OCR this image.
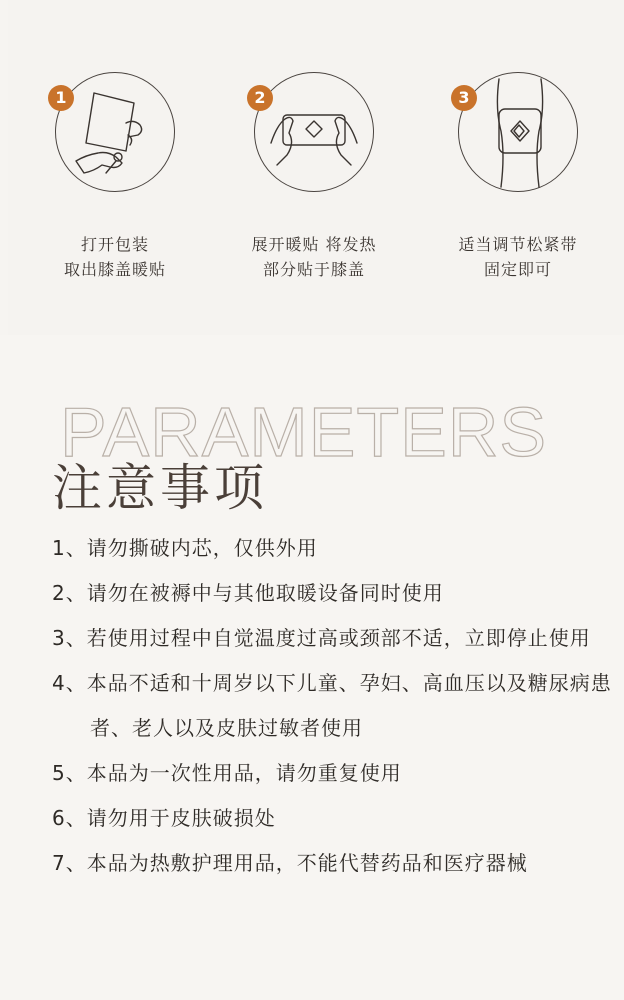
1
打开包装
取出膝盖暖贴
2
展开暖贴 将发热
部分贴于膝盖
3
适当调节松紧带
固定即可
PARAMETERS
注意事项
1、请勿撕破内芯，仅供外用
2、请勿在被褥中与其他取暖设备同时使用
3、若使用过程中自觉温度过高或颈部不适，立即停止使用
4、本品不适和十周岁以下儿童、孕妇、高血压以及糖尿病患者、老人以及皮肤过敏者使用
5、本品为一次性用品，请勿重复使用
6、请勿用于皮肤破损处
7、本品为热敷护理用品，不能代替药品和医疗器械
